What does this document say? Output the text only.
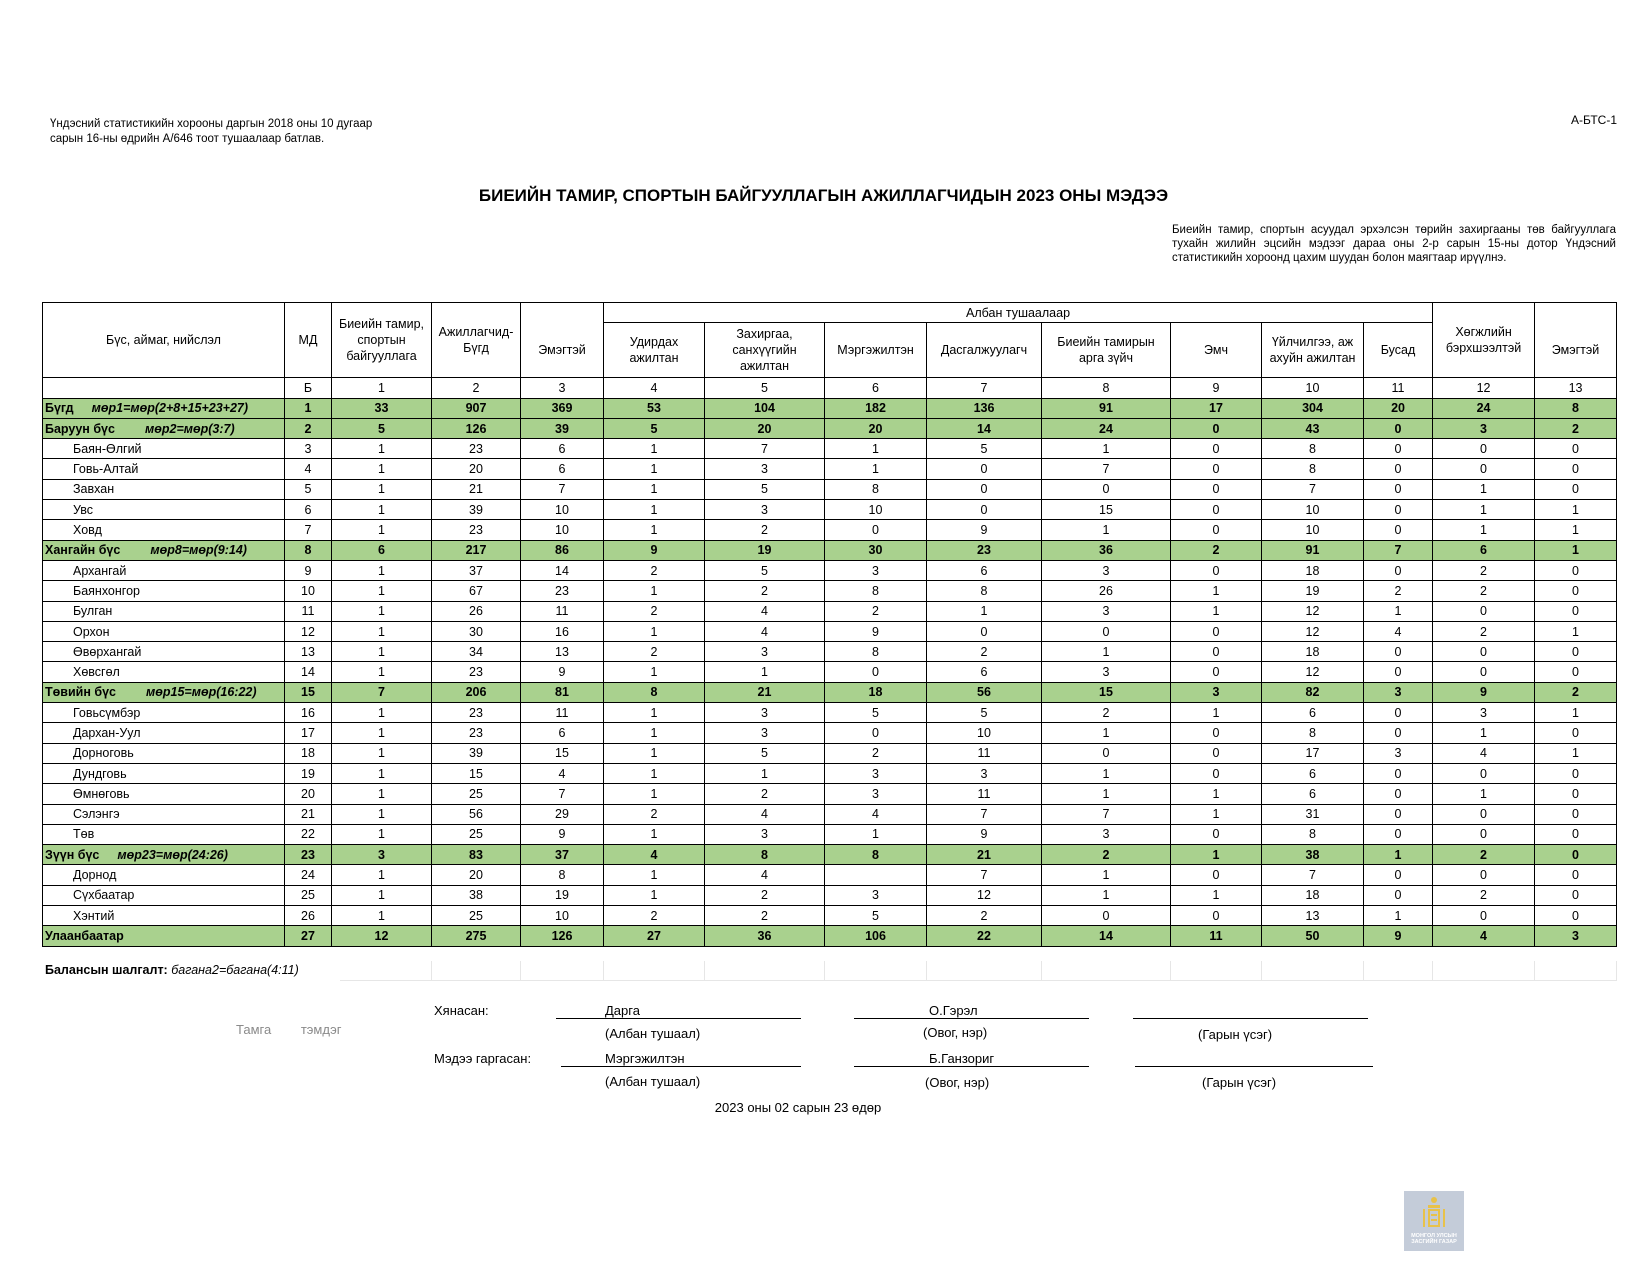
Үндэсний статистикийн хорооны даргын 2018 оны 10 дугаар
сарын 16-ны өдрийн А/646 тоот тушаалаар батлав.
А-БТС-1
БИЕИЙН ТАМИР, СПОРТЫН БАЙГУУЛЛАГЫН АЖИЛЛАГЧИДЫН 2023 ОНЫ МЭДЭЭ
Биеийн тамир, спортын асуудал эрхэлсэн төрийн захиргааны төв байгууллага тухайн жилийн эцсийн мэдээг дараа оны 2-р сарын 15-ны дотор Үндэсний статистикийн хороонд цахим шуудан болон маягтаар ирүүлнэ.
Бүс, аймаг, нийслэл	МД	Биеийн тамир, спортын байгууллага	Ажиллагчид-Бүгд		Албан тушаалаар								Хөгжлийн бэрхшээлтэй	
				Эмэгтэй	Удирдах ажилтан	Захиргаа, санхүүгийн ажилтан	Мэргэжилтэн	Дасгалжуулагч	Биеийн тамирын арга зүйч	Эмч	Үйлчилгээ, аж ахуйн ажилтан	Бусад		Эмэгтэй
	Б	1	2	3	4	5	6	7	8	9	10	11	12	13
Бүгд мөр1=мөр(2+8+15+23+27)	1	33	907	369	53	104	182	136	91	17	304	20	24	8
Баруун бүс мөр2=мөр(3:7)	2	5	126	39	5	20	20	14	24	0	43	0	3	2
Баян-Өлгий	3	1	23	6	1	7	1	5	1	0	8	0	0	0
Говь-Алтай	4	1	20	6	1	3	1	0	7	0	8	0	0	0
Завхан	5	1	21	7	1	5	8	0	0	0	7	0	1	0
Увс	6	1	39	10	1	3	10	0	15	0	10	0	1	1
Ховд	7	1	23	10	1	2	0	9	1	0	10	0	1	1
Хангайн бүс мөр8=мөр(9:14)	8	6	217	86	9	19	30	23	36	2	91	7	6	1
Архангай	9	1	37	14	2	5	3	6	3	0	18	0	2	0
Баянхонгор	10	1	67	23	1	2	8	8	26	1	19	2	2	0
Булган	11	1	26	11	2	4	2	1	3	1	12	1	0	0
Орхон	12	1	30	16	1	4	9	0	0	0	12	4	2	1
Өвөрхангай	13	1	34	13	2	3	8	2	1	0	18	0	0	0
Хөвсгөл	14	1	23	9	1	1	0	6	3	0	12	0	0	0
Төвийн бүс мөр15=мөр(16:22)	15	7	206	81	8	21	18	56	15	3	82	3	9	2
Говьсүмбэр	16	1	23	11	1	3	5	5	2	1	6	0	3	1
Дархан-Уул	17	1	23	6	1	3	0	10	1	0	8	0	1	0
Дорноговь	18	1	39	15	1	5	2	11	0	0	17	3	4	1
Дундговь	19	1	15	4	1	1	3	3	1	0	6	0	0	0
Өмнөговь	20	1	25	7	1	2	3	11	1	1	6	0	1	0
Сэлэнгэ	21	1	56	29	2	4	4	7	7	1	31	0	0	0
Төв	22	1	25	9	1	3	1	9	3	0	8	0	0	0
Зүүн бүс мөр23=мөр(24:26)	23	3	83	37	4	8	8	21	2	1	38	1	2	0
Дорнод	24	1	20	8	1	4		7	1	0	7	0	0	0
Сүхбаатар	25	1	38	19	1	2	3	12	1	1	18	0	2	0
Хэнтий	26	1	25	10	2	2	5	2	0	0	13	1	0	0
Улаанбаатар	27	12	275	126	27	36	106	22	14	11	50	9	4	3
Балансын шалгалт: багана2=багана(4:11)
Хянасан:	Дарга	О.Гэрэл
(Албан тушаал)	(Овог, нэр)	(Гарын үсэг)
Тамга тэмдэг
Мэдээ гаргасан:	Мэргэжилтэн	Б.Ганзориг
(Албан тушаал)	(Овог, нэр)	(Гарын үсэг)
2023 оны 02 сарын 23 өдөр
МОНГОЛ УЛСЫН
ЗАСГИЙН ГАЗАР
